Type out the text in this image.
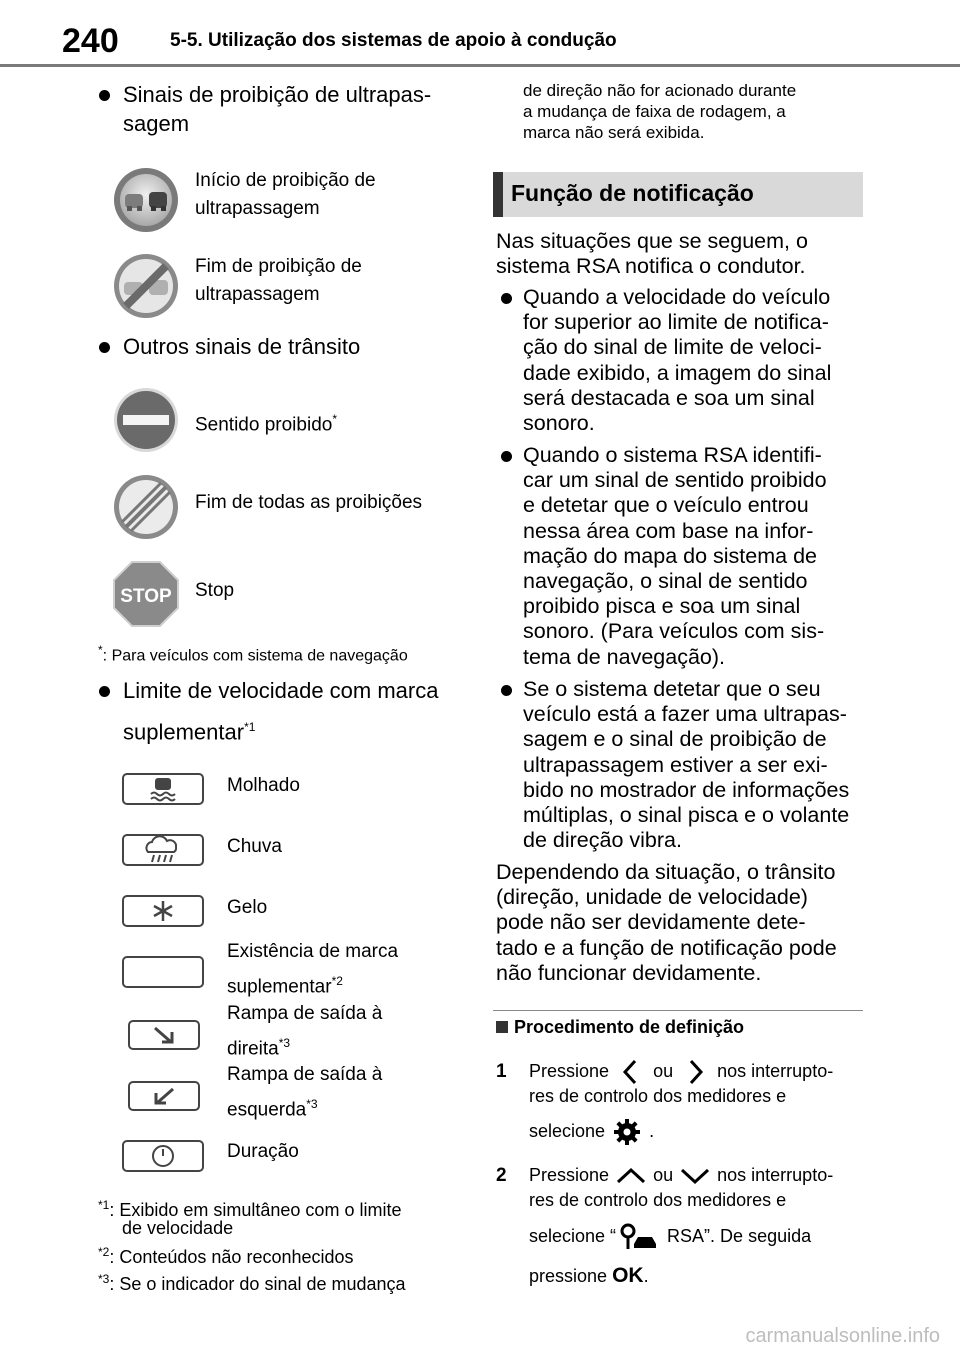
240	5-5. Utilização dos sistemas de apoio à condução
Sinais de proibição de ultrapas-
sagem
Início de proibição de
ultrapassagem
Fim de proibição de
ultrapassagem
Outros sinais de trânsito
Sentido proibido*
Fim de todas as proibições
STOP Stop
*: Para veículos com sistema de navegação
Limite de velocidade com marca
suplementar$^{*1}$
Molhado
Chuva
Gelo
Existência de marca
suplementar$^{*2}$
Rampa de saída à
direita$^{*3}$
Rampa de saída à
esquerda$^{*3}$
Duração
$^{*1}$: Exibido em simultâneo com o limite
de velocidade
$^{*2}$: Conteúdos não reconhecidos
$^{*3}$: Se o indicador do sinal de mudança
de direção não for acionado durante
a mudança de faixa de rodagem, a
marca não será exibida.
Função de notificação
Nas situações que se seguem, o
sistema RSA notifica o condutor.
Quando a velocidade do veículo
for superior ao limite de notifica-
ção do sinal de limite de veloci-
dade exibido, a imagem do sinal
será destacada e soa um sinal
sonoro.
Quando o sistema RSA identifi-
car um sinal de sentido proibido
e detetar que o veículo entrou
nessa área com base na infor-
mação do mapa do sistema de
navegação, o sinal de sentido
proibido pisca e soa um sinal
sonoro. (Para veículos com sis-
tema de navegação).
Se o sistema detetar que o seu
veículo está a fazer uma ultrapas-
sagem e o sinal de proibição de
ultrapassagem estiver a ser exi-
bido no mostrador de informações
múltiplas, o sinal pisca e o volante
de direção vibra.
Dependendo da situação, o trânsito
(direção, unidade de velocidade)
pode não ser devidamente dete-
tado e a função de notificação pode
não funcionar devidamente.
Procedimento de definição
1 Pressione ou nos interrupto-
res de controlo dos medidores e
selecione .
2 Pressione ou nos interrupto-
res de controlo dos medidores e
selecione “	RSA”. De seguida
pressione OK.
carmanualsonline.info
